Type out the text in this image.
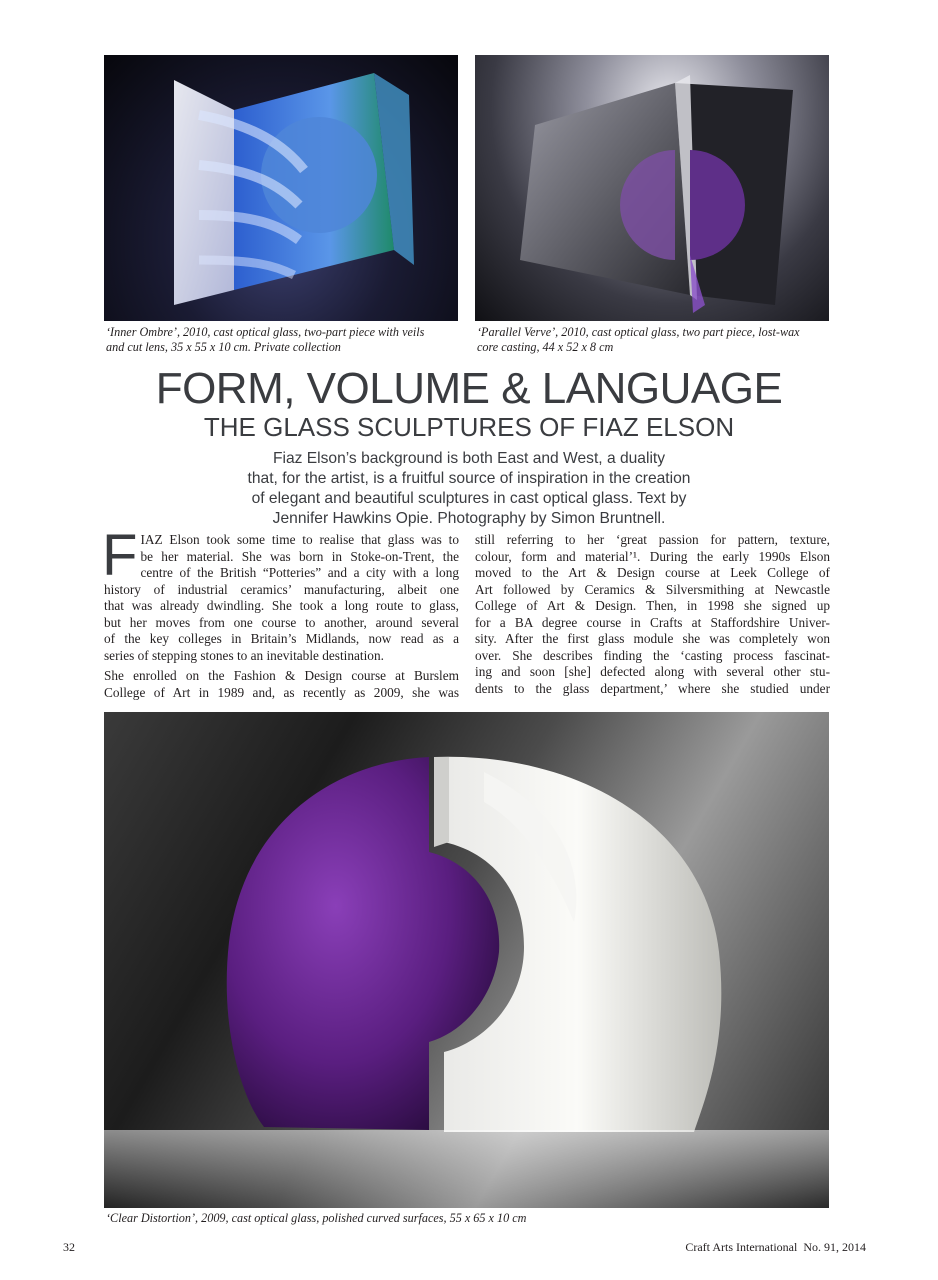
‘Inner Ombre’, 2010, cast optical glass, two-part piece with veils
and cut lens, 35 x 55 x 10 cm. Private collection
‘Parallel Verve’, 2010, cast optical glass, two part piece, lost-wax
core casting, 44 x 52 x 8 cm
FORM, VOLUME & LANGUAGE
THE GLASS SCULPTURES OF FIAZ ELSON
Fiaz Elson’s background is both East and West, a duality
that, for the artist, is a fruitful source of inspiration in the creation
of elegant and beautiful sculptures in cast optical glass. Text by
Jennifer Hawkins Opie. Photography by Simon Bruntnell.

F IAZ Elson took some time to realise that glass was to
be her material. She was born in Stoke-on-Trent, the
centre of the British “Potteries” and a city with a long
history of industrial ceramics’ manufacturing, albeit one
that was already dwindling. She took a long route to glass,
but her moves from one course to another, around several
of the key colleges in Britain’s Midlands, now read as a
series of stepping stones to an inevitable destination.

She enrolled on the Fashion & Design course at Burslem
College of Art in 1989 and, as recently as 2009, she was

still referring to her ‘great passion for pattern, texture,
colour, form and material’¹. During the early 1990s Elson
moved to the Art & Design course at Leek College of
Art followed by Ceramics & Silversmithing at Newcastle
College of Art & Design. Then, in 1998 she signed up
for a BA degree course in Crafts at Staffordshire Univer-
sity. After the first glass module she was completely won
over. She describes finding the ‘casting process fascinat-
ing and soon [she] defected along with several other stu-
dents to the glass department,’ where she studied under

‘Clear Distortion’, 2009, cast optical glass, polished curved surfaces, 55 x 65 x 10 cm
32	Craft Arts International  No. 91, 2014
